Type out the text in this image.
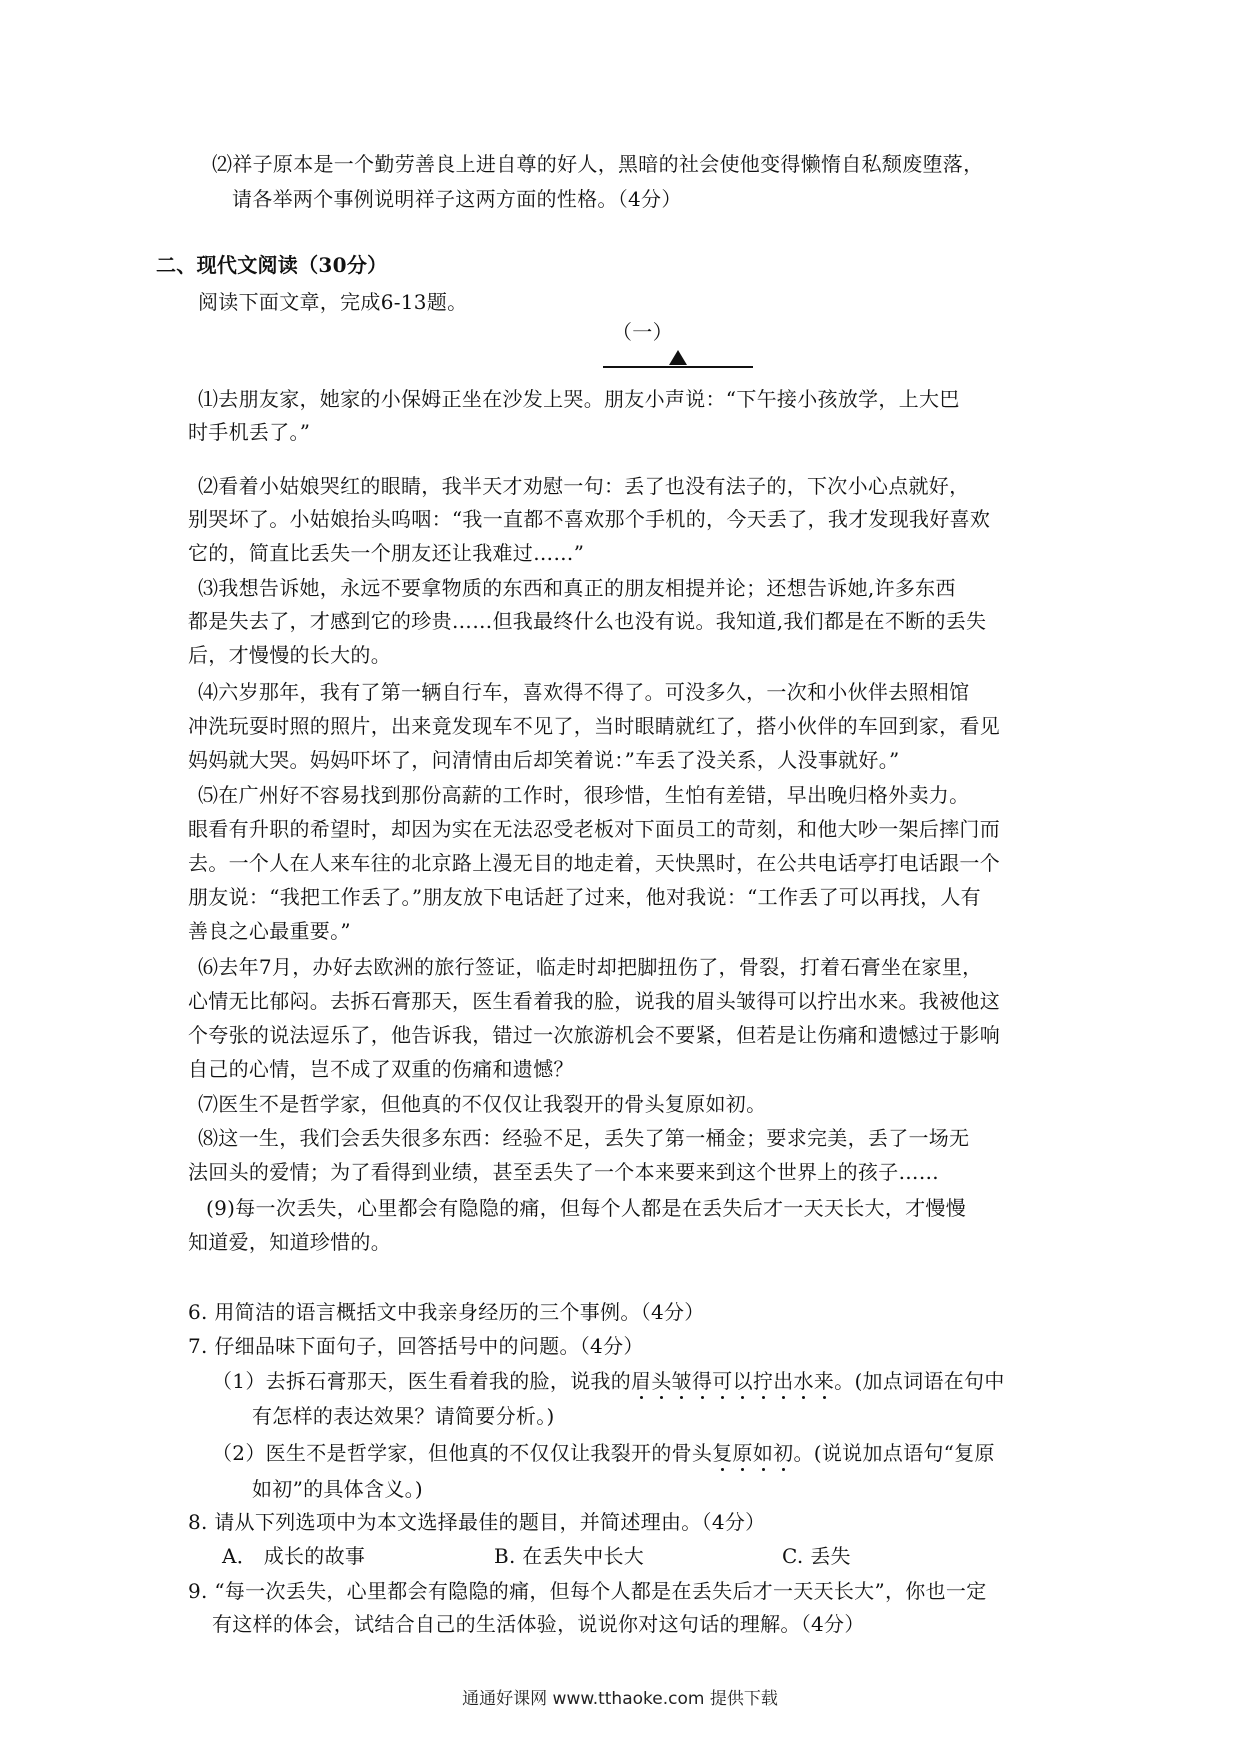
⑵祥子原本是一个勤劳善良上进自尊的好人，黑暗的社会使他变得懒惰自私颓废堕落，
请各举两个事例说明祥子这两方面的性格。（4分）
二、现代文阅读（30分）
阅读下面文章，完成6-13题。
（一）
⑴去朋友家，她家的小保姆正坐在沙发上哭。朋友小声说：“下午接小孩放学，上大巴
时手机丢了。”
⑵看着小姑娘哭红的眼睛，我半天才劝慰一句：丢了也没有法子的，下次小心点就好，
别哭坏了。小姑娘抬头呜咽：“我一直都不喜欢那个手机的，今天丢了，我才发现我好喜欢
它的，简直比丢失一个朋友还让我难过……”
⑶我想告诉她，永远不要拿物质的东西和真正的朋友相提并论；还想告诉她,许多东西
都是失去了，才感到它的珍贵……但我最终什么也没有说。我知道,我们都是在不断的丢失
后，才慢慢的长大的。
⑷六岁那年，我有了第一辆自行车，喜欢得不得了。可没多久，一次和小伙伴去照相馆
冲洗玩耍时照的照片，出来竟发现车不见了，当时眼睛就红了，搭小伙伴的车回到家，看见
妈妈就大哭。妈妈吓坏了，问清情由后却笑着说：”车丢了没关系，人没事就好。”
⑸在广州好不容易找到那份高薪的工作时，很珍惜，生怕有差错，早出晚归格外卖力。
眼看有升职的希望时，却因为实在无法忍受老板对下面员工的苛刻，和他大吵一架后摔门而
去。一个人在人来车往的北京路上漫无目的地走着，天快黑时，在公共电话亭打电话跟一个
朋友说：“我把工作丢了。”朋友放下电话赶了过来，他对我说：“工作丢了可以再找，人有
善良之心最重要。”
⑹去年7月，办好去欧洲的旅行签证，临走时却把脚扭伤了，骨裂，打着石膏坐在家里，
心情无比郁闷。去拆石膏那天，医生看着我的脸，说我的眉头皱得可以拧出水来。我被他这
个夸张的说法逗乐了，他告诉我，错过一次旅游机会不要紧，但若是让伤痛和遗憾过于影响
自己的心情，岂不成了双重的伤痛和遗憾？
⑺医生不是哲学家，但他真的不仅仅让我裂开的骨头复原如初。
⑻这一生，我们会丢失很多东西：经验不足，丢失了第一桶金；要求完美，丢了一场无
法回头的爱情；为了看得到业绩，甚至丢失了一个本来要来到这个世界上的孩子……
(9)每一次丢失，心里都会有隐隐的痛，但每个人都是在丢失后才一天天长大，才慢慢
知道爱，知道珍惜的。
6. 用简洁的语言概括文中我亲身经历的三个事例。（4分）
7. 仔细品味下面句子，回答括号中的问题。（4分）
（1）去拆石膏那天，医生看着我的脸，说我的眉头皱得可以拧出水来。(加点词语在句中
有怎样的表达效果？请简要分析。)
（2）医生不是哲学家，但他真的不仅仅让我裂开的骨头复原如初。(说说加点语句“复原
如初”的具体含义。)
8. 请从下列选项中为本文选择最佳的题目，并简述理由。（4分）
A． 成长的故事	B. 在丢失中长大	C. 丢失
9. “每一次丢失，心里都会有隐隐的痛，但每个人都是在丢失后才一天天长大”，你也一定
有这样的体会，试结合自己的生活体验，说说你对这句话的理解。（4分）
通通好课网 www.tthaoke.com 提供下载
